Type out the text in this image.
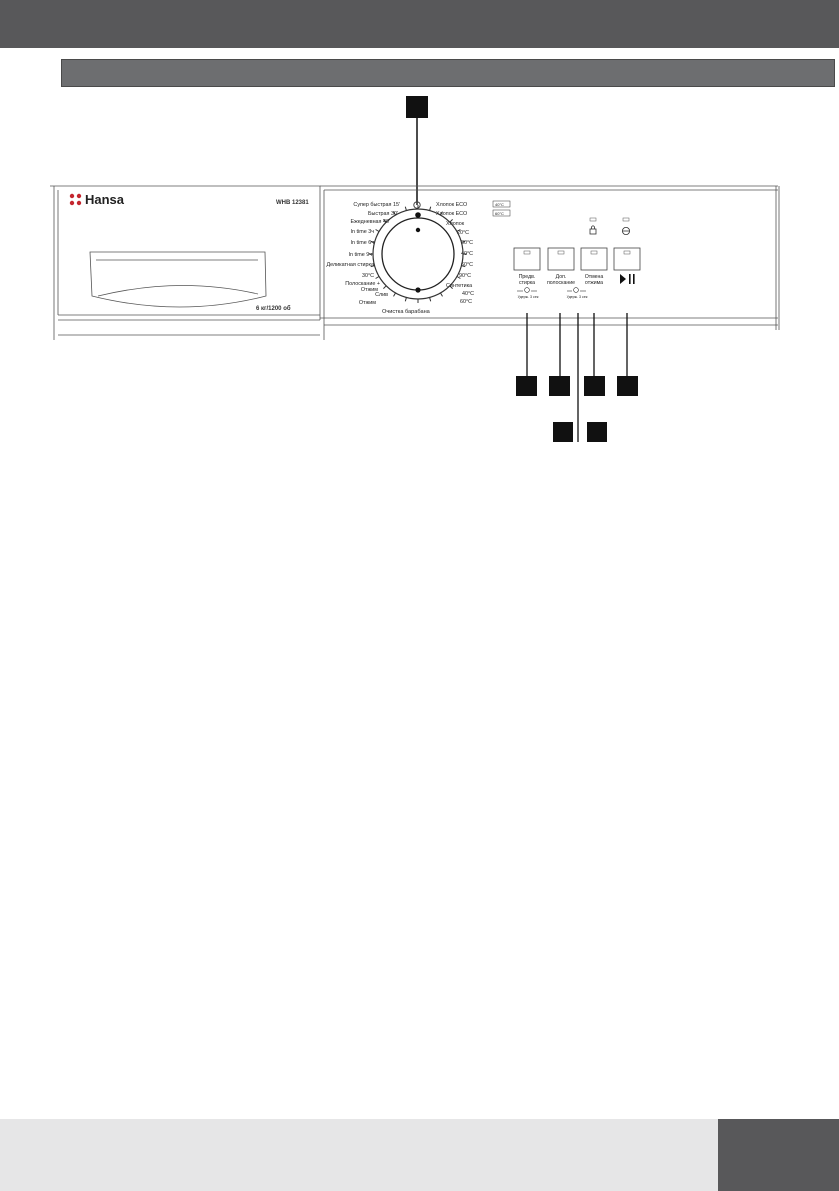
Hansa	WHB 12381
6 кг/1200 об
Супер быстрая 15'
Быстрая 30'
Ежедневная 40'
In time 3ч
In time 6ч
In time 9ч
Деликатная стирка
30°C
Полоскание +
Отжим
Слив
Отжим
Хлопок ECO
Хлопок ECO
Хлопок
20°C
30°C
40°C
60°C
90°C
Синтетика
40°C
60°C
40°C
60°C
Очистка барабана
Предв.
стирка
Доп.
полоскание
Отмена
отжима
Удерж. 3 сек	Удерж. 3 сек
